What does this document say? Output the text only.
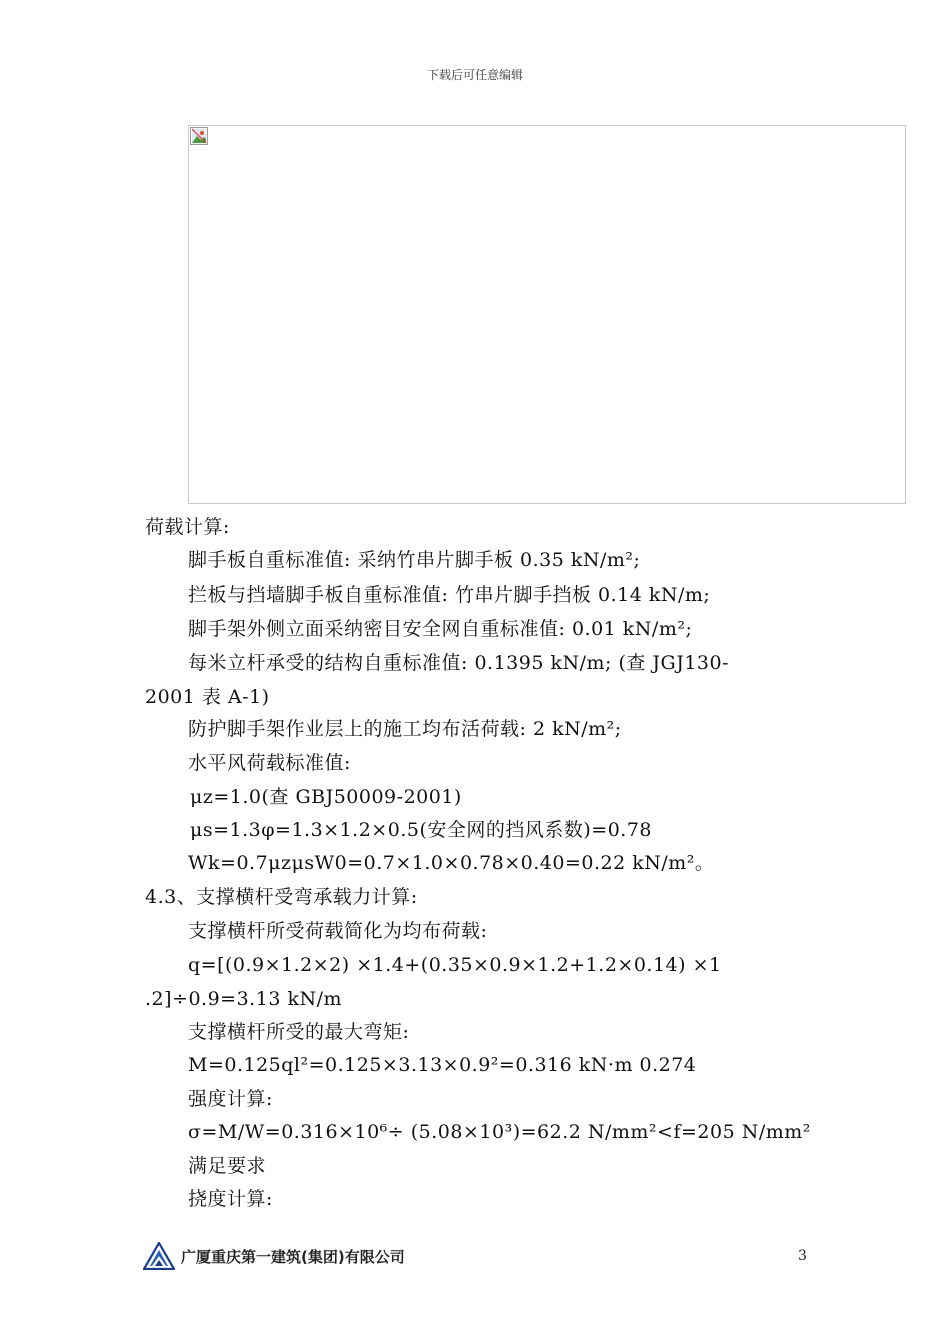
下载后可任意编辑
荷载计算:
脚手板自重标准值: 采纳竹串片脚手板 0.35 kN/m²;
拦板与挡墙脚手板自重标准值: 竹串片脚手挡板 0.14 kN/m;
脚手架外侧立面采纳密目安全网自重标准值: 0.01 kN/m²;
每米立杆承受的结构自重标准值: 0.1395 kN/m; (查 JGJ130-
2001 表 A-1)
防护脚手架作业层上的施工均布活荷载: 2 kN/m²;
水平风荷载标准值:
μz=1.0(查 GBJ50009-2001)
μs=1.3φ=1.3×1.2×0.5(安全网的挡风系数)=0.78
Wk=0.7μzμsW0=0.7×1.0×0.78×0.40=0.22 kN/m²。
4.3、支撑横杆受弯承载力计算:
支撑横杆所受荷载简化为均布荷载:
q=[(0.9×1.2×2) ×1.4+(0.35×0.9×1.2+1.2×0.14) ×1
.2]÷0.9=3.13 kN/m
支撑横杆所受的最大弯矩:
M=0.125ql²=0.125×3.13×0.9²=0.316 kN·m 0.274
强度计算:
σ=M/W=0.316×10⁶÷ (5.08×10³)=62.2 N/mm²<f=205 N/mm²
满足要求
挠度计算:
广厦重庆第一建筑(集团)有限公司	3
